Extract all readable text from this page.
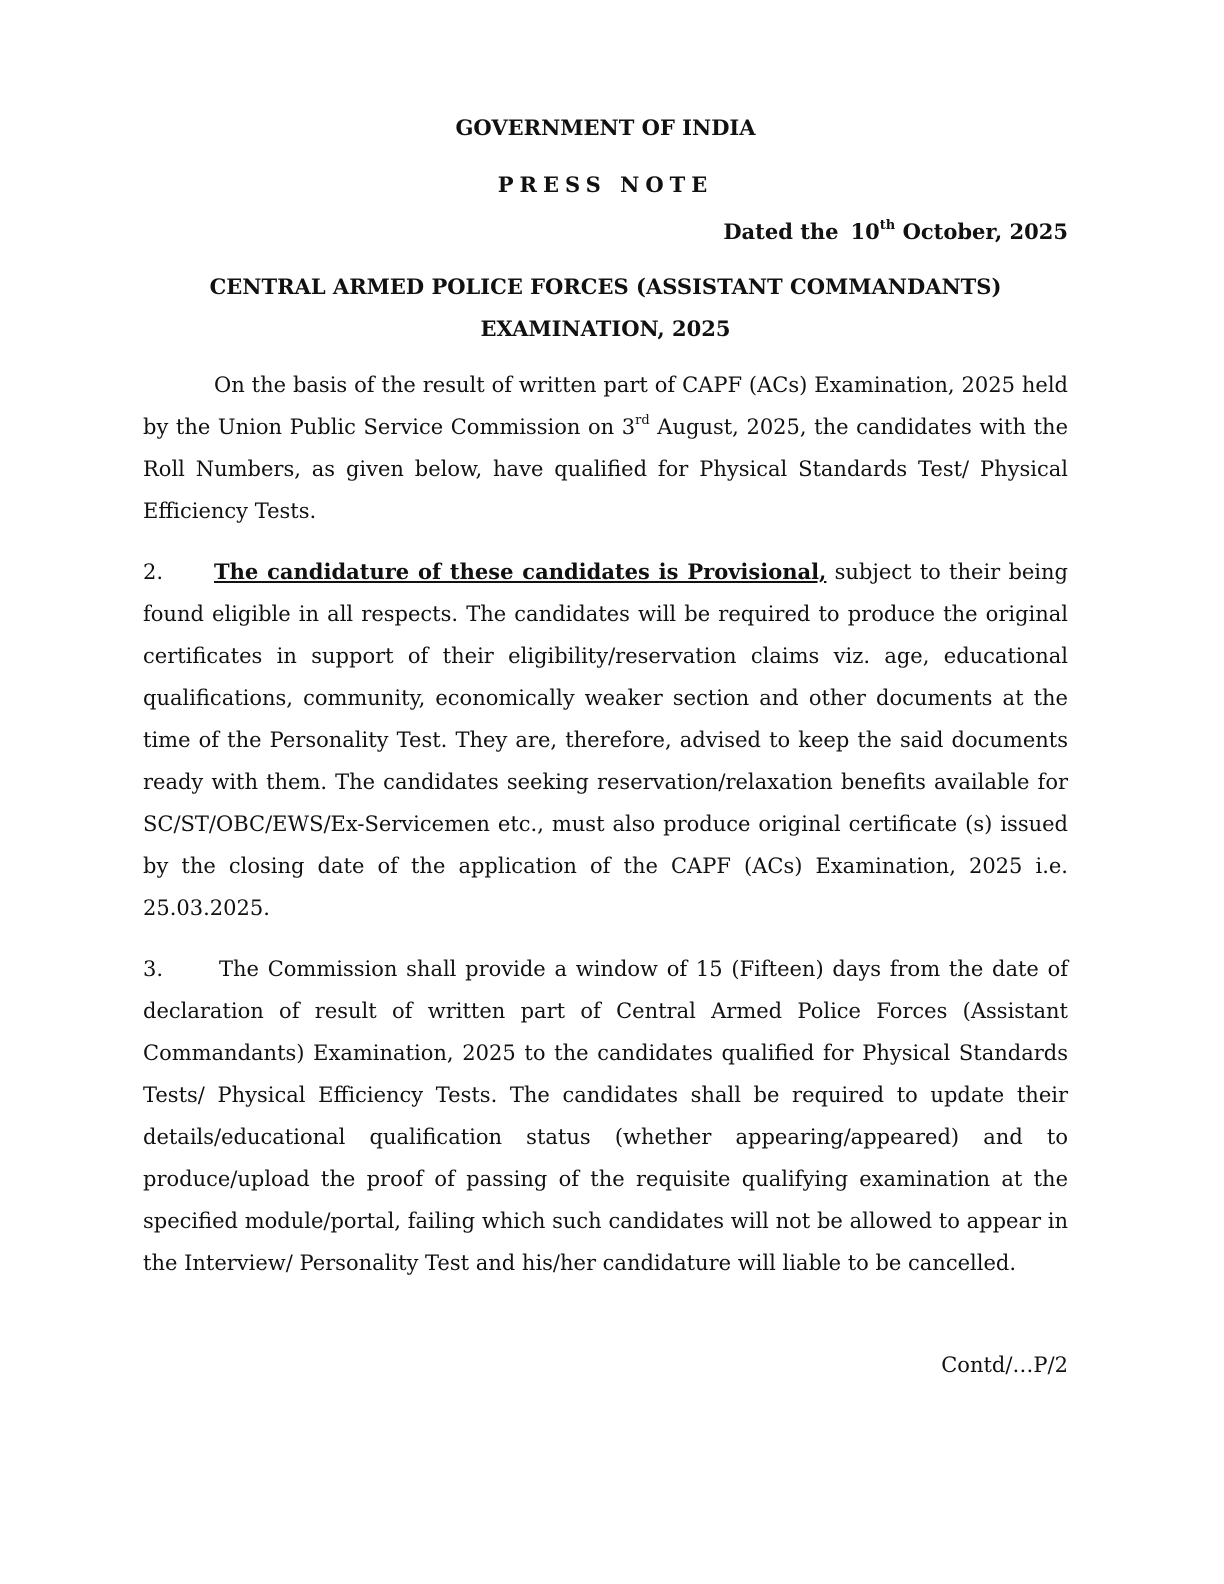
GOVERNMENT OF INDIA
PRESS NOTE
Dated the 10th October, 2025
CENTRAL ARMED POLICE FORCES (ASSISTANT COMMANDANTS)
EXAMINATION, 2025
On the basis of the result of written part of CAPF (ACs) Examination, 2025 held by the Union Public Service Commission on 3rd August, 2025, the candidates with the Roll Numbers, as given below, have qualified for Physical Standards Test/ Physical Efficiency Tests.
2. The candidature of these candidates is Provisional, subject to their being found eligible in all respects. The candidates will be required to produce the original certificates in support of their eligibility/reservation claims viz. age, educational qualifications, community, economically weaker section and other documents at the time of the Personality Test. They are, therefore, advised to keep the said documents ready with them. The candidates seeking reservation/relaxation benefits available for SC/ST/OBC/EWS/Ex-Servicemen etc., must also produce original certificate (s) issued by the closing date of the application of the CAPF (ACs) Examination, 2025 i.e. 25.03.2025.
3.	The Commission shall provide a window of 15 (Fifteen) days from the date of declaration of result of written part of Central Armed Police Forces (Assistant Commandants) Examination, 2025 to the candidates qualified for Physical Standards Tests/ Physical Efficiency Tests. The candidates shall be required to update their details/educational qualification status (whether appearing/appeared) and to produce/upload the proof of passing of the requisite qualifying examination at the specified module/portal, failing which such candidates will not be allowed to appear in the Interview/ Personality Test and his/her candidature will liable to be cancelled.
Contd/…P/2
